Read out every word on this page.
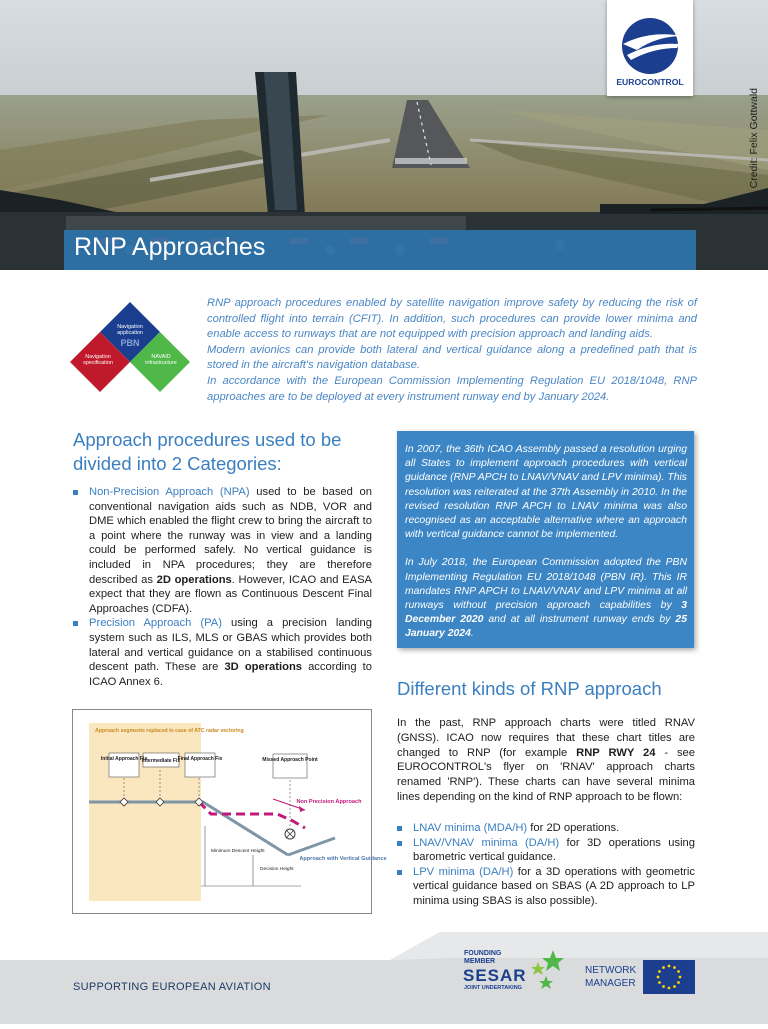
Credit: Felix Gottwald
EUROCONTROL
RNP Approaches
Navigation application
PBN
Navigation specification
NAVAID infrastructure

RNP approach procedures enabled by satellite navigation improve safety by reducing the risk of controlled flight into terrain (CFIT). In addition, such procedures can provide lower minima and enable access to runways that are not equipped with precision approach and landing aids.

Modern avionics can provide both lateral and vertical guidance along a predefined path that is stored in the aircraft's navigation database.

In accordance with the European Commission Implementing Regulation EU 2018/1048, RNP approaches are to be deployed at every instrument runway end by January 2024.

Approach procedures used to be divided into 2 Categories:
Non-Precision Approach (NPA) used to be based on conventional navigation aids such as NDB, VOR and DME which enabled the flight crew to bring the aircraft to a point where the runway was in view and a landing could be performed safely. No vertical guidance is included in NPA procedures; they are therefore described as 2D operations. However, ICAO and EASA expect that they are flown as Continuous Descent Final Approaches (CDFA).
Precision Approach (PA) using a precision landing system such as ILS, MLS or GBAS which provides both lateral and vertical guidance on a stabilised continuous descent path. These are 3D operations according to ICAO Annex 6.
Approach segments replaced in case of ATC radar vectoring
Initial Approach Fix
Intermediate Fix
Final Approach Fix	Missed Approach Point
Non Precision Approach
Approach with Vertical Guidance
Minimum Descent Height
Decision Height

In 2007, the 36th ICAO Assembly passed a resolution urging all States to implement approach procedures with vertical guidance (RNP APCH to LNAV/VNAV and LPV minima). This resolution was reiterated at the 37th Assembly in 2010. In the revised resolution RNP APCH to LNAV minima was also recognised as an acceptable alternative where an approach with vertical guidance cannot be implemented.

In July 2018, the European Commission adopted the PBN Implementing Regulation EU 2018/1048 (PBN IR). This IR mandates RNP APCH to LNAV/VNAV and LPV minima at all runways without precision approach capabilities by 3 December 2020 and at all instrument runway ends by 25 January 2024.

Different kinds of RNP approach
In the past, RNP approach charts were titled RNAV (GNSS). ICAO now requires that these chart titles are changed to RNP (for example RNP RWY 24 - see EUROCONTROL's flyer on 'RNAV' approach charts renamed 'RNP'). These charts can have several minima lines depending on the kind of RNP approach to be flown:
LNAV minima (MDA/H) for 2D operations.
LNAV/VNAV minima (DA/H) for 3D operations using barometric vertical guidance.
LPV minima (DA/H) for a 3D operations with geometric vertical guidance based on SBAS (A 2D approach to LP minima using SBAS is also possible).
SUPPORTING EUROPEAN AVIATION
FOUNDING MEMBER
SESAR
JOINT UNDERTAKING
NETWORK MANAGER
